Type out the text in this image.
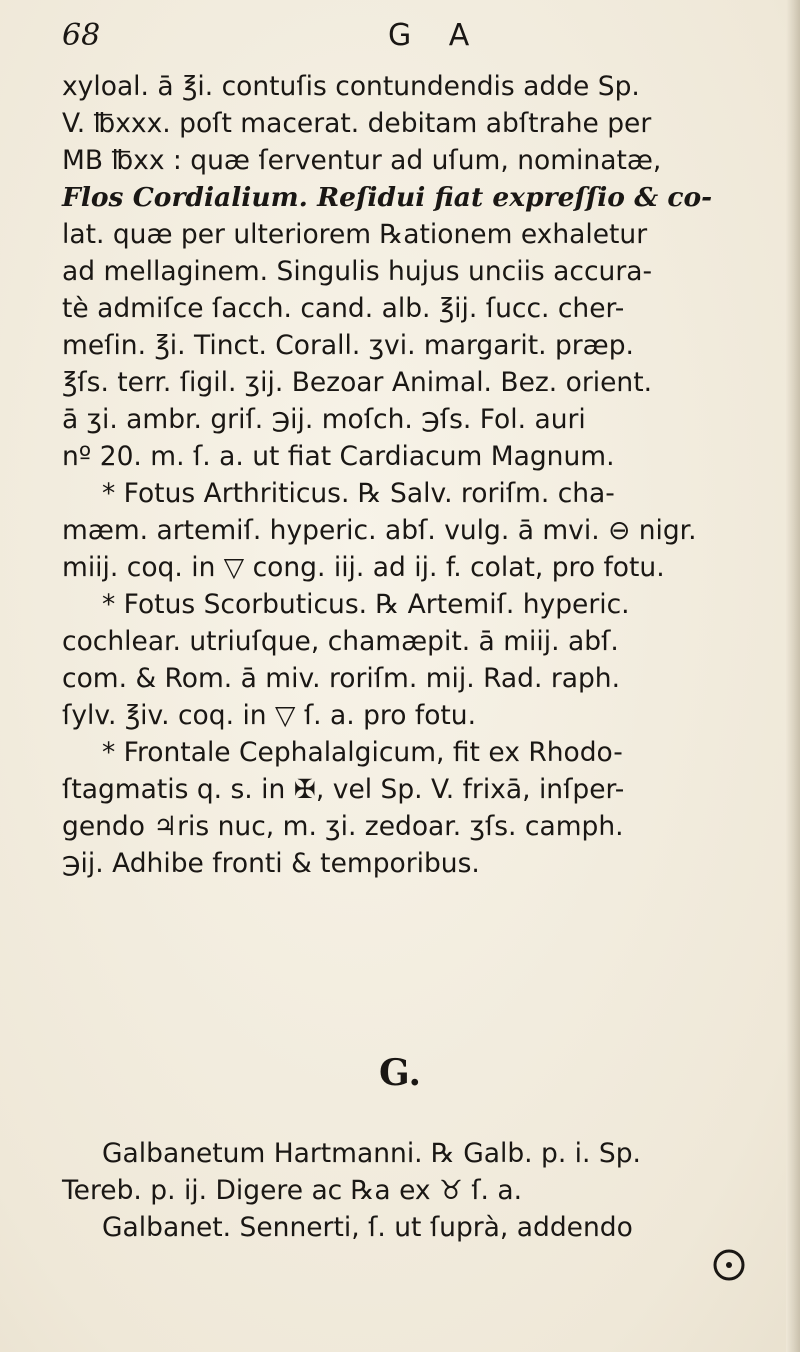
68	G A
xyloal. ā ℥i. contuſis contundendis adde Sp.
V. ℔xxx. poſt macerat. debitam abſtrahe per
MB ℔xx : quæ ſerventur ad uſum, nominatæ,
Flos Cordialium. Reſidui fiat expreſſio & co-
lat. quæ per ulteriorem ℞ationem exhaletur
ad mellaginem. Singulis hujus unciis accura-
tè admiſce ſacch. cand. alb. ℥ij. ſucc. cher-
meſin. ℥i. Tinct. Corall. ʒvi. margarit. præp.
℥ſs. terr. ſigil. ʒij. Bezoar Animal. Bez. orient.
ā ʒi. ambr. griſ. ℈ij. moſch. ℈ſs. Fol. auri
nº 20. m. ſ. a. ut fiat Cardiacum Magnum.
* Fotus Arthriticus. ℞ Salv. roriſm. cha-
mæm. artemiſ. hyperic. abſ. vulg. ā mvi. ⊖ nigr.
miij. coq. in ▽ cong. iij. ad ij. f. colat, pro fotu.
* Fotus Scorbuticus. ℞ Artemiſ. hyperic.
cochlear. utriuſque, chamæpit. ā miij. abſ.
com. & Rom. ā miv. roriſm. mij. Rad. raph.
ſylv. ℥iv. coq. in ▽ ſ. a. pro fotu.
* Frontale Cephalalgicum, fit ex Rhodo-
ſtagmatis q. s. in ✠, vel Sp. V. frixā, inſper-
gendo ♃ris nuc, m. ʒi. zedoar. ʒſs. camph.
℈ij. Adhibe fronti & temporibus.
G.
Galbanetum Hartmanni. ℞ Galb. p. i. Sp.
Tereb. p. ij. Digere ac ℞a ex ♉ ſ. a.
Galbanet. Sennerti, ſ. ut ſuprà, addendo
